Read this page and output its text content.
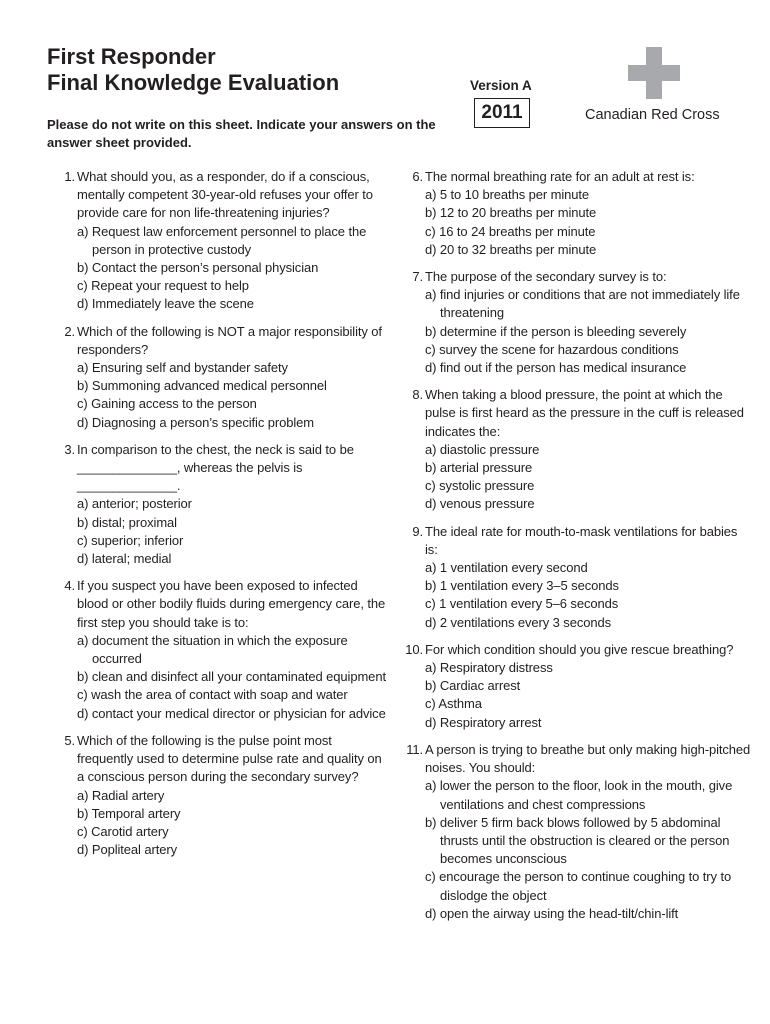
First Responder
Final Knowledge Evaluation	Version A
2011	Canadian Red Cross

Please do not write on this sheet. Indicate your answers on the answer sheet provided.

1. What should you, as a responder, do if a conscious, mentally competent 30-year-old refuses your offer to provide care for non life-threatening injuries?
a) Request law enforcement personnel to place the person in protective custody
b) Contact the person’s personal physician
c) Repeat your request to help
d) Immediately leave the scene
2. Which of the following is NOT a major responsibility of responders?
a) Ensuring self and bystander safety
b) Summoning advanced medical personnel
c) Gaining access to the person
d) Diagnosing a person’s specific problem
3. In comparison to the chest, the neck is said to be ______________, whereas the pelvis is ______________.
a) anterior; posterior
b) distal; proximal
c) superior; inferior
d) lateral; medial
4. If you suspect you have been exposed to infected blood or other bodily fluids during emergency care, the first step you should take is to:
a) document the situation in which the exposure occurred
b) clean and disinfect all your contaminated equipment
c) wash the area of contact with soap and water
d) contact your medical director or physician for advice
5. Which of the following is the pulse point most frequently used to determine pulse rate and quality on a conscious person during the secondary survey?
a) Radial artery
b) Temporal artery
c) Carotid artery
d) Popliteal artery
6. The normal breathing rate for an adult at rest is:
a) 5 to 10 breaths per minute
b) 12 to 20 breaths per minute
c) 16 to 24 breaths per minute
d) 20 to 32 breaths per minute
7. The purpose of the secondary survey is to:
a) find injuries or conditions that are not immediately life threatening
b) determine if the person is bleeding severely
c) survey the scene for hazardous conditions
d) find out if the person has medical insurance
8. When taking a blood pressure, the point at which the pulse is first heard as the pressure in the cuff is released indicates the:
a) diastolic pressure
b) arterial pressure
c) systolic pressure
d) venous pressure
9. The ideal rate for mouth-to-mask ventilations for babies is:
a) 1 ventilation every second
b) 1 ventilation every 3–5 seconds
c) 1 ventilation every 5–6 seconds
d) 2 ventilations every 3 seconds
10. For which condition should you give rescue breathing?
a) Respiratory distress
b) Cardiac arrest
c) Asthma
d) Respiratory arrest
11. A person is trying to breathe but only making high-pitched noises. You should:
a) lower the person to the floor, look in the mouth, give ventilations and chest compressions
b) deliver 5 firm back blows followed by 5 abdominal thrusts until the obstruction is cleared or the person becomes unconscious
c) encourage the person to continue coughing to try to dislodge the object
d) open the airway using the head-tilt/chin-lift
